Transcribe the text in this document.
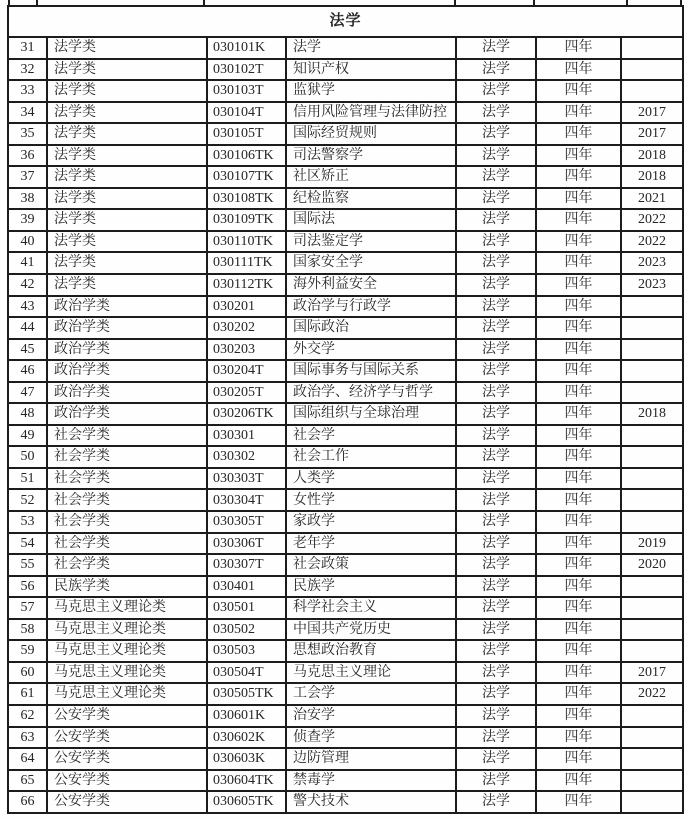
法学						
31	法学类	030101K	法学	法学	四年	
32	法学类	030102T	知识产权	法学	四年	
33	法学类	030103T	监狱学	法学	四年	
34	法学类	030104T	信用风险管理与法律防控	法学	四年	2017
35	法学类	030105T	国际经贸规则	法学	四年	2017
36	法学类	030106TK	司法警察学	法学	四年	2018
37	法学类	030107TK	社区矫正	法学	四年	2018
38	法学类	030108TK	纪检监察	法学	四年	2021
39	法学类	030109TK	国际法	法学	四年	2022
40	法学类	030110TK	司法鉴定学	法学	四年	2022
41	法学类	030111TK	国家安全学	法学	四年	2023
42	法学类	030112TK	海外利益安全	法学	四年	2023
43	政治学类	030201	政治学与行政学	法学	四年	
44	政治学类	030202	国际政治	法学	四年	
45	政治学类	030203	外交学	法学	四年	
46	政治学类	030204T	国际事务与国际关系	法学	四年	
47	政治学类	030205T	政治学、经济学与哲学	法学	四年	
48	政治学类	030206TK	国际组织与全球治理	法学	四年	2018
49	社会学类	030301	社会学	法学	四年	
50	社会学类	030302	社会工作	法学	四年	
51	社会学类	030303T	人类学	法学	四年	
52	社会学类	030304T	女性学	法学	四年	
53	社会学类	030305T	家政学	法学	四年	
54	社会学类	030306T	老年学	法学	四年	2019
55	社会学类	030307T	社会政策	法学	四年	2020
56	民族学类	030401	民族学	法学	四年	
57	马克思主义理论类	030501	科学社会主义	法学	四年	
58	马克思主义理论类	030502	中国共产党历史	法学	四年	
59	马克思主义理论类	030503	思想政治教育	法学	四年	
60	马克思主义理论类	030504T	马克思主义理论	法学	四年	2017
61	马克思主义理论类	030505TK	工会学	法学	四年	2022
62	公安学类	030601K	治安学	法学	四年	
63	公安学类	030602K	侦查学	法学	四年	
64	公安学类	030603K	边防管理	法学	四年	
65	公安学类	030604TK	禁毒学	法学	四年	
66	公安学类	030605TK	警犬技术	法学	四年	
